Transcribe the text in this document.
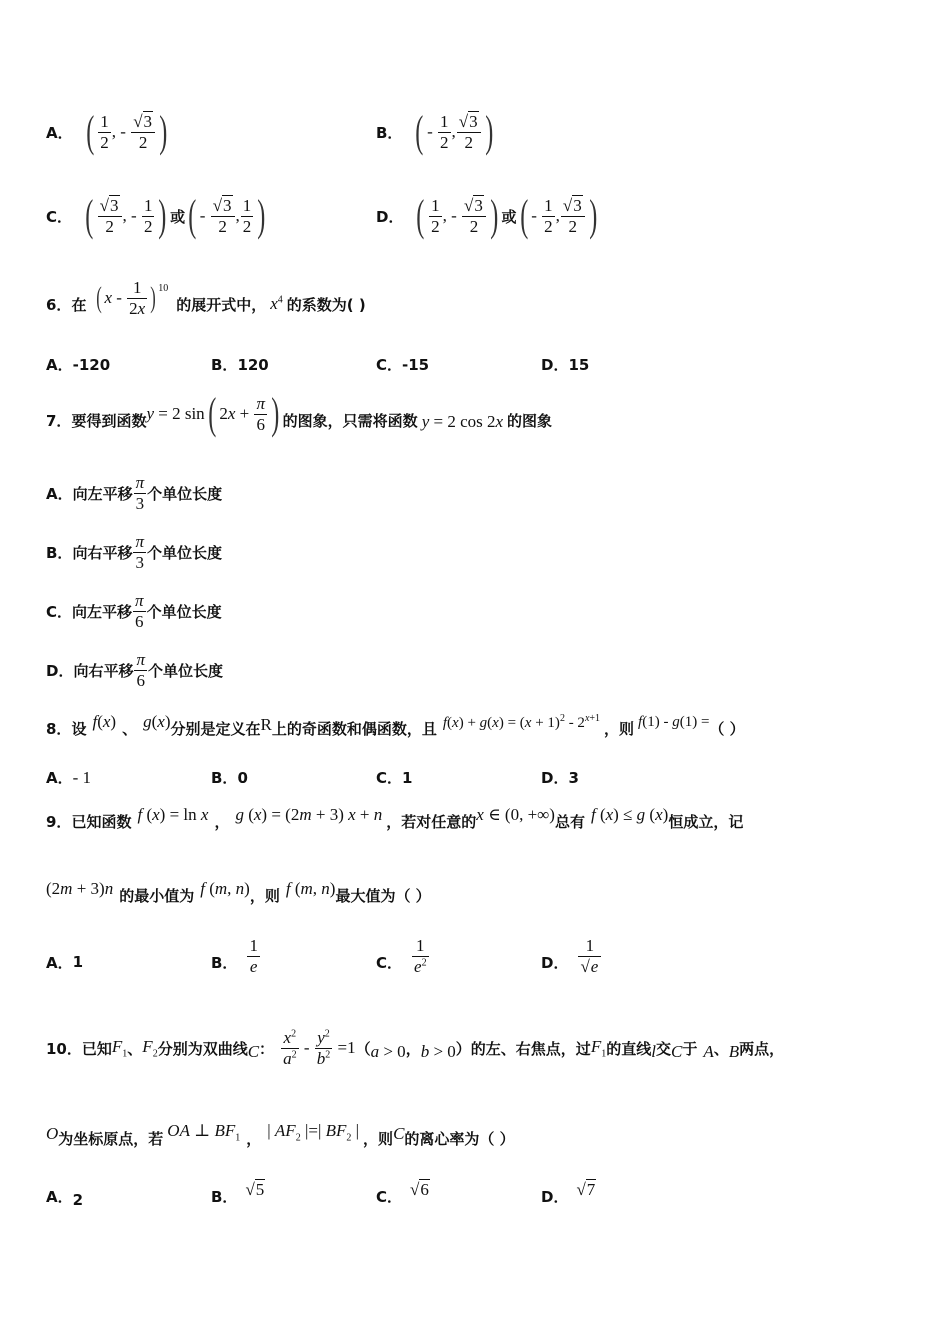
A． ( $\frac{1}{2}$ , - $\frac{√3}{2}$ )	B． ( - $\frac{1}{2}$ , $\frac{√3}{2}$ )
C． ( $\frac{√3}{2}$ , - $\frac{1}{2}$ ) 或 ( - $\frac{√3}{2}$ , $\frac{1}{2}$ )	D． ( $\frac{1}{2}$ , - $\frac{√3}{2}$ ) 或 ( - $\frac{1}{2}$ , $\frac{√3}{2}$ )
6． 在 ( x - $\frac{1}{2x} )^{10}$
的展开式中， $x^4$ 的系数为( )
A． -120	B． 120	C． -15	D． 15
7． 要得到函数 y = 2 sin ( 2 $x + \frac{\pi}{6}$ ) 的图象，只需将函数 y = 2 cos 2x 的图象
A． 向左平移 $\frac{\pi}{3}$ 个单位长度
B． 向右平移 $\frac{\pi}{3}$ 个单位长度
C． 向左平移 $\frac{\pi}{6}$ 个单位长度
D． 向右平移 $\frac{\pi}{6}$ 个单位长度
8． 设 f(x) 、 g(x) 分别是定义在 R 上的奇函数和偶函数，且 $f(x) + g(x) = (x + 1)^2 - 2^{x+1}$
，则 f(1) - g(1) = （ ）
A． - 1	B． 0	C． 1	D． 3
9． 已知函数 f (x) = ln x ， g (x) = (2m + 3) x + n ，若对任意的 x ∈ (0, +∞) 总有 f (x) ≤ g (x) 恒成立，记
(2m + 3)n 的最小值为 f (m, n) ，则 f (m, n) 最大值为（ ）
A． 1	B． $\frac{1}{e}$	C． $\frac{1}{e^2}$	D． $\frac{1}{√e}$
10． 已知 $F_1$ 、 $F_2$ 分别为双曲线 C ： $\frac{x^2}{a^2} - \frac{y^2}{b^2} =1$ （ a > 0 ， b > 0 ）的左、右焦点，过 $F_1$ 的直线 l 交 C 于 A 、 B 两点，
O 为坐标原点，若 OA ⊥ $BF_1$ ， | $AF_2$ |=| $BF_2$ | ，则 C 的离心率为（ ）
A． 2	B． √5	C． √6	D． √7
